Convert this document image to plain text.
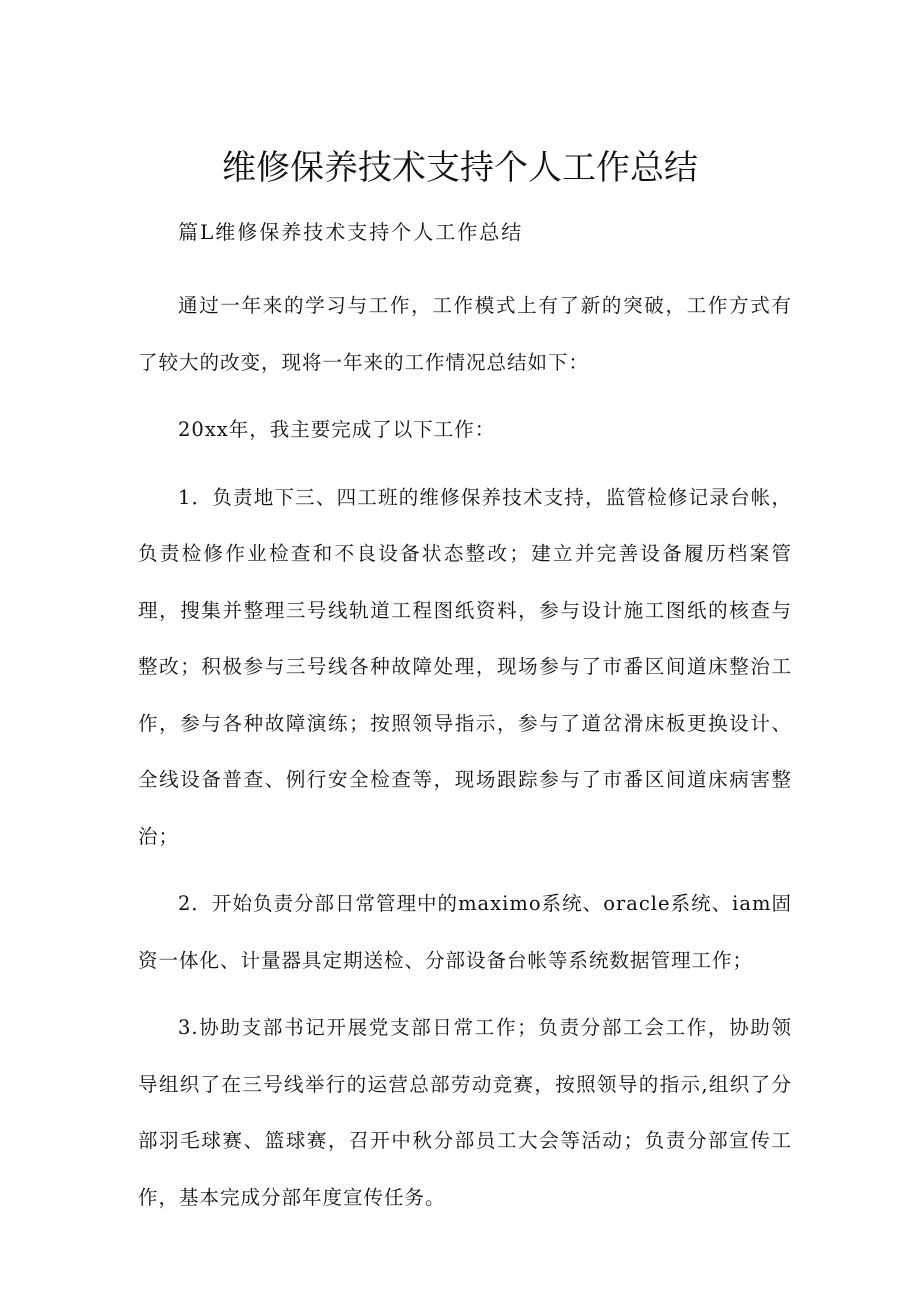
维修保养技术支持个人工作总结

篇L维修保养技术支持个人工作总结

通过一年来的学习与工作，工作模式上有了新的突破，工作方式有了较大的改变，现将一年来的工作情况总结如下：

20xx年，我主要完成了以下工作：

1．负责地下三、四工班的维修保养技术支持，监管检修记录台帐，负责检修作业检查和不良设备状态整改；建立并完善设备履历档案管理，搜集并整理三号线轨道工程图纸资料，参与设计施工图纸的核查与整改；积极参与三号线各种故障处理，现场参与了市番区间道床整治工作，参与各种故障演练；按照领导指示，参与了道岔滑床板更换设计、全线设备普查、例行安全检查等，现场跟踪参与了市番区间道床病害整治；

2．开始负责分部日常管理中的maximo系统、oracle系统、iam固资一体化、计量器具定期送检、分部设备台帐等系统数据管理工作；

3.协助支部书记开展党支部日常工作；负责分部工会工作，协助领导组织了在三号线举行的运营总部劳动竞赛，按照领导的指示,组织了分部羽毛球赛、篮球赛，召开中秋分部员工大会等活动；负责分部宣传工作，基本完成分部年度宣传任务。
